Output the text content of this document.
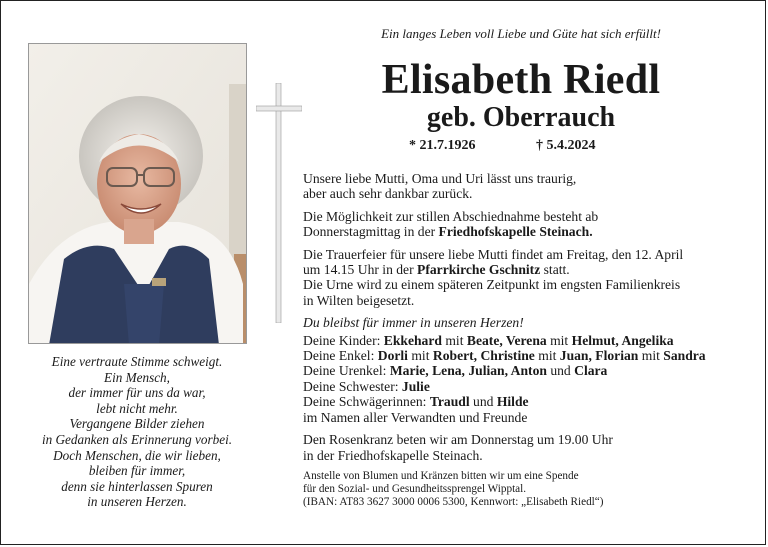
Eine vertraute Stimme schweigt.
Ein Mensch,
der immer für uns da war,
lebt nicht mehr.
Vergangene Bilder ziehen
in Gedanken als Erinnerung vorbei.
Doch Menschen, die wir lieben,
bleiben für immer,
denn sie hinterlassen Spuren
in unseren Herzen.
Ein langes Leben voll Liebe und Güte hat sich erfüllt!
Elisabeth Riedl
geb. Oberrauch
* 21.7.1926	† 5.4.2024

Unsere liebe Mutti, Oma und Uri lässt uns traurig,
aber auch sehr dankbar zurück.

Die Möglichkeit zur stillen Abschiednahme besteht ab
Donnerstagmittag in der Friedhofskapelle Steinach.

Die Trauerfeier für unsere liebe Mutti findet am Freitag, den 12. April
um 14.15 Uhr in der Pfarrkirche Gschnitz statt.
Die Urne wird zu einem späteren Zeitpunkt im engsten Familienkreis
in Wilten beigesetzt.

Du bleibst für immer in unseren Herzen!
Deine Kinder: Ekkehard mit Beate, Verena mit Helmut, Angelika
Deine Enkel: Dorli mit Robert, Christine mit Juan, Florian mit Sandra
Deine Urenkel: Marie, Lena, Julian, Anton und Clara
Deine Schwester: Julie
Deine Schwägerinnen: Traudl und Hilde
im Namen aller Verwandten und Freunde

Den Rosenkranz beten wir am Donnerstag um 19.00 Uhr
in der Friedhofskapelle Steinach.

Anstelle von Blumen und Kränzen bitten wir um eine Spende
für den Sozial- und Gesundheitssprengel Wipptal.
(IBAN: AT83 3627 3000 0006 5300, Kennwort: „Elisabeth Riedl“)
